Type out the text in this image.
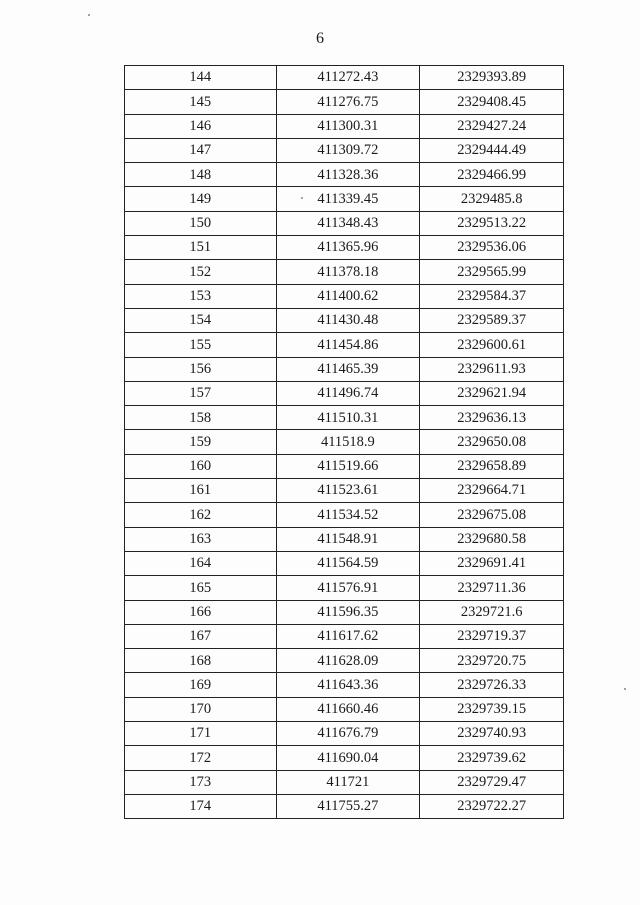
6
144	411272.43	2329393.89
145	411276.75	2329408.45
146	411300.31	2329427.24
147	411309.72	2329444.49
148	411328.36	2329466.99
149	411339.45	2329485.8
150	411348.43	2329513.22
151	411365.96	2329536.06
152	411378.18	2329565.99
153	411400.62	2329584.37
154	411430.48	2329589.37
155	411454.86	2329600.61
156	411465.39	2329611.93
157	411496.74	2329621.94
158	411510.31	2329636.13
159	411518.9	2329650.08
160	411519.66	2329658.89
161	411523.61	2329664.71
162	411534.52	2329675.08
163	411548.91	2329680.58
164	411564.59	2329691.41
165	411576.91	2329711.36
166	411596.35	2329721.6
167	411617.62	2329719.37
168	411628.09	2329720.75
169	411643.36	2329726.33
170	411660.46	2329739.15
171	411676.79	2329740.93
172	411690.04	2329739.62
173	411721	2329729.47
174	411755.27	2329722.27
